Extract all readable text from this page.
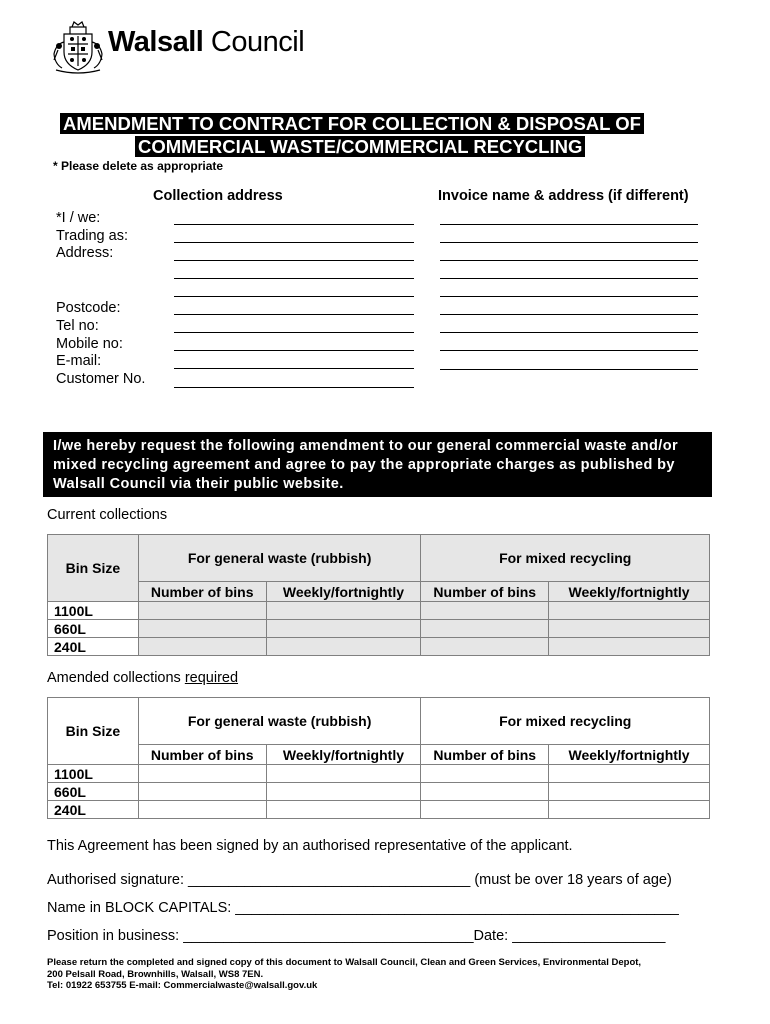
Walsall Council
AMENDMENT TO CONTRACT FOR COLLECTION & DISPOSAL OF
COMMERCIAL WASTE/COMMERCIAL RECYCLING
* Please delete as appropriate
Collection address	Invoice name & address (if different)
*I / we:
Trading as:
Address:
Postcode:
Tel no:
Mobile no:
E-mail:
Customer No.
I/we hereby request the following amendment to our general commercial waste and/or
mixed recycling agreement and agree to pay the appropriate charges as published by
Walsall Council via their public website.
Current collections
Bin Size	For general waste (rubbish)		For mixed recycling	
	Number of bins	Weekly/fortnightly	Number of bins	Weekly/fortnightly
1100L				
660L				
240L				
Amended collections required
Bin Size	For general waste (rubbish)		For mixed recycling	
	Number of bins	Weekly/fortnightly	Number of bins	Weekly/fortnightly
1100L				
660L				
240L				
This Agreement has been signed by an authorised representative of the applicant.
Authorised signature: ___________________________________ (must be over 18 years of age)
Name in BLOCK CAPITALS: _______________________________________________________
Position in business: ____________________________________Date: ___________________
Please return the completed and signed copy of this document to Walsall Council, Clean and Green Services, Environmental Depot,
200 Pelsall Road, Brownhills, Walsall, WS8 7EN.
Tel: 01922 653755 E-mail: Commercialwaste@walsall.gov.uk
